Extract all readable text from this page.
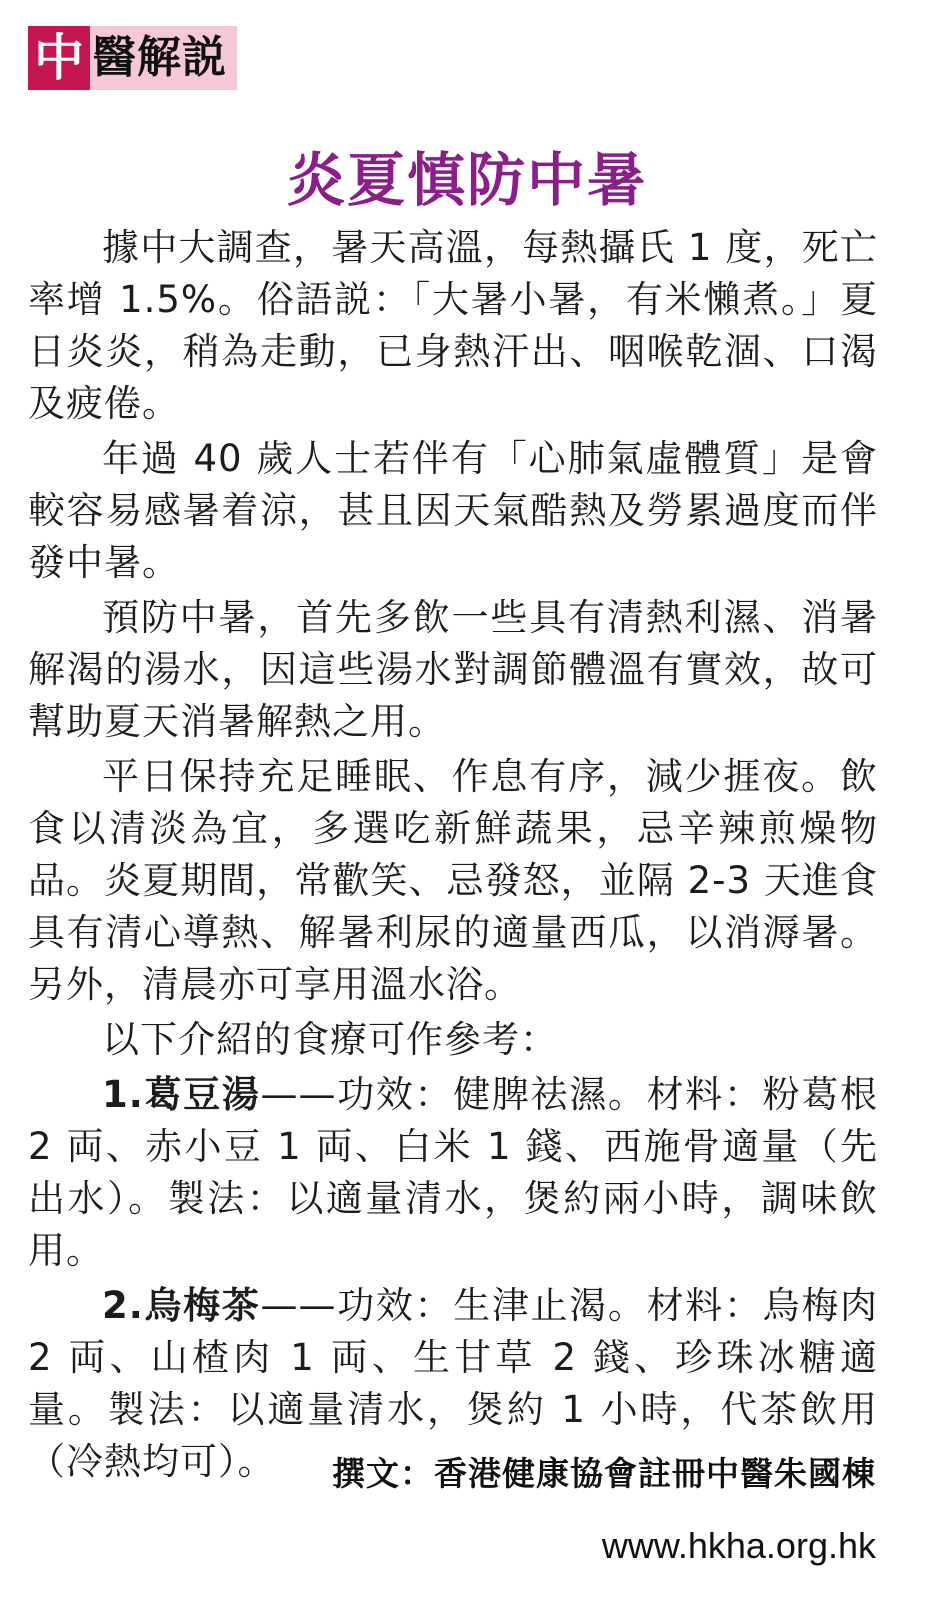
中 醫解説
炎夏慎防中暑

據中大調查，暑天高溫，每熱攝氏 1 度，死亡率增 1.5%。俗語説：「大暑小暑，有米懶煮。」夏日炎炎，稍為走動，已身熱汗出、咽喉乾涸、口渴及疲倦。

年過 40 歲人士若伴有「心肺氣虛體質」是會較容易感暑着涼，甚且因天氣酷熱及勞累過度而伴發中暑。

預防中暑，首先多飲一些具有清熱利濕、消暑解渴的湯水，因這些湯水對調節體溫有實效，故可幫助夏天消暑解熱之用。

平日保持充足睡眠、作息有序，減少捱夜。飲食以清淡為宜，多選吃新鮮蔬果，忌辛辣煎燥物品。炎夏期間，常歡笑、忌發怒，並隔 2-3 天進食具有清心導熱、解暑利尿的適量西瓜，以消溽暑。另外，清晨亦可享用溫水浴。

以下介紹的食療可作參考：

1.葛豆湯——功效：健脾祛濕。材料：粉葛根 2 両、赤小豆 1 両、白米 1 錢、西施骨適量（先出水）。製法：以適量清水，煲約兩小時，調味飲用。

2.烏梅茶——功效：生津止渴。材料：烏梅肉 2 両、山楂肉 1 両、生甘草 2 錢、珍珠冰糖適量。製法：以適量清水，煲約 1 小時，代茶飲用（冷熱均可）。	撰文：香港健康協會註冊中醫朱國棟
www.hkha.org.hk
